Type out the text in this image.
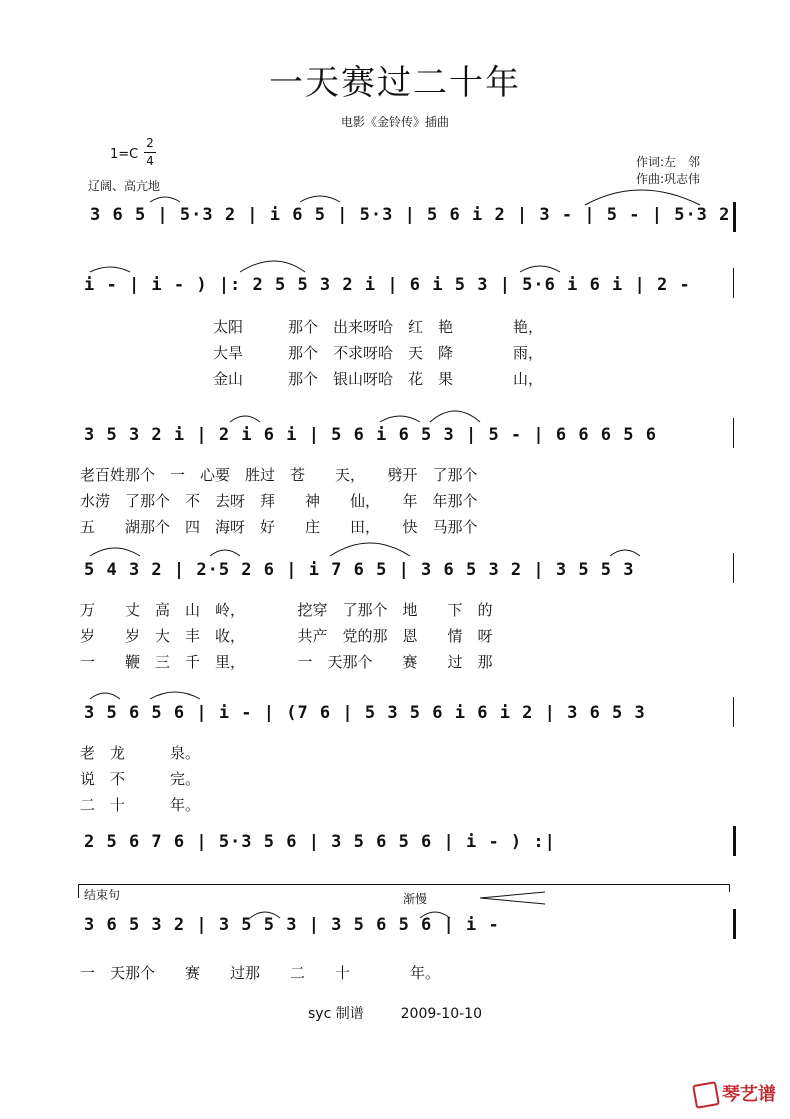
一天赛过二十年
电影《金铃传》插曲
1=C
2
4
辽阔、高亢地
作词:左　邻
作曲:巩志伟
3 6 5 | 5·3 2 | i 6 5 | 5·3 | 5 6 i 2 | 3 - | 5 - | 5·3 2
i - | i - ) |: 2 5 5 3 2 i | 6 i 5 3 | 5·6 i 6 i | 2 -
太阳　　　那个　出来呀哈　红　艳　　　　艳，
大旱　　　那个　不求呀哈　天　降　　　　雨，
金山　　　那个　银山呀哈　花　果　　　　山，
3 5 3 2 i | 2 i 6 i | 5 6 i 6 5 3 | 5 - | 6 6 6 5 6
老百姓那个　一　心要　胜过　苍　　天，　　劈开　了那个
水涝　了那个　不　去呀　拜　　神　　仙，　　年　年那个
五　　湖那个　四　海呀　好　　庄　　田，　　快　马那个
5 4 3 2 | 2·5 2 6 | i 7 6 5 | 3 6 5 3 2 | 3 5 5 3
万　　丈　高　山　岭，　　　　挖穿　了那个　地　　下　的
岁　　岁　大　丰　收，　　　　共产　党的那　恩　　情　呀
一　　鞭　三　千　里，　　　　一　天那个　　赛　　过　那
3 5 6 5 6 | i - | (7 6 | 5 3 5 6 i 6 i 2 | 3 6 5 3
老　龙　　　泉。
说　不　　　完。
二　十　　　年。
2 5 6 7 6 | 5·3 5 6 | 3 5 6 5 6 | i - ) :|
结束句	渐慢
3 6 5 3 2 | 3 5 5 3 | 3 5 6 5 6 | i -
一　天那个　　赛　　过那　　二　　十　　　　年。
syc 制谱	2009-10-10
琴艺谱
